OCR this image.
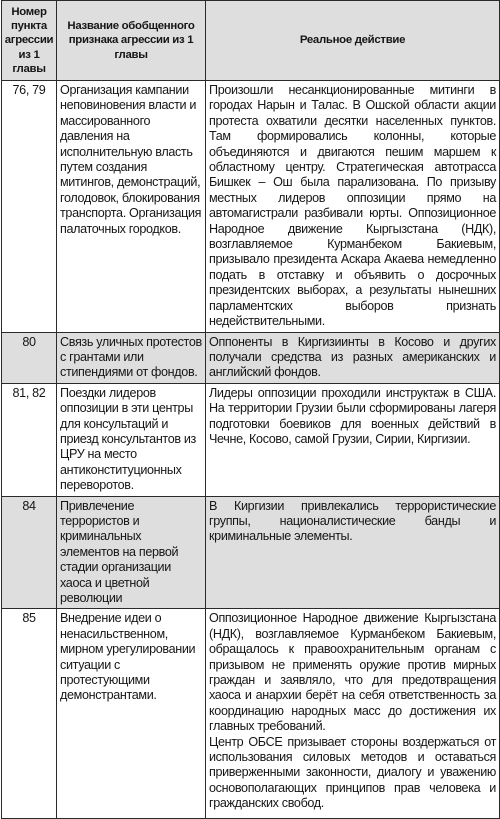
Номер пункта агрессии из 1 главы	Название обобщенного признака агрессии из 1 главы	Реальное действие
76, 79	Организация кампании неповиновения власти и массированного давления на исполнительную власть путем создания митингов, демонстраций, голодовок, блокирования транспорта. Организация палаточных городков.	Произошли несанкционированные митинги в городах Нарын и Талас. В Ошской области акции протеста охватили десятки населенных пунктов. Там формировались колонны, которые объединяются и двигаются пешим маршем к областному центру. Стратегическая автотрасса Бишкек – Ош была парализована. По призыву местных лидеров оппозиции прямо на автомагистрали разбивали юрты. Оппозиционное Народное движение Кыргызстана (НДК), возглавляемое Курманбеком Бакиевым, призывало президента Аскара Акаева немедленно подать в отставку и объявить о досрочных президентских выборах, а результаты нынешних парламентских выборов признать недействительными.

80	Связь уличных протестов с грантами или стипендиями от фондов.	Оппоненты в Киргизиинты в Косово и других получали средства из разных американских и английский фондов.

81, 82	Поездки лидеров оппозиции в эти центры для консультаций и приезд консультантов из ЦРУ на место антиконституционных переворотов.	Лидеры оппозиции проходили инструктаж в США. На территории Грузии были сформированы лагеря подготовки боевиков для военных действий в Чечне, Косово, самой Грузии, Сирии, Киргизии.

84	Привлечение террористов и криминальных элементов на первой стадии организации хаоса и цветной революции	В Киргизии привлекались террористические группы, националистические банды и криминальные элементы.

85	Внедрение идеи о ненасильственном, мирном урегулировании ситуации с протестующими демонстрантами.	Оппозиционное Народное движение Кыргызстана (НДК), возглавляемое Курманбеком Бакиевым, обращалось к правоохранительным органам с призывом не применять оружие против мирных граждан и заявляло, что для предотвращения хаоса и анархии берёт на себя ответственность за координацию народных масс до достижения их главных требований.
Центр ОБСЕ призывает стороны воздержаться от использования силовых методов и оставаться приверженными законности, диалогу и уважению основополагающих принципов прав человека и гражданских свобод.
